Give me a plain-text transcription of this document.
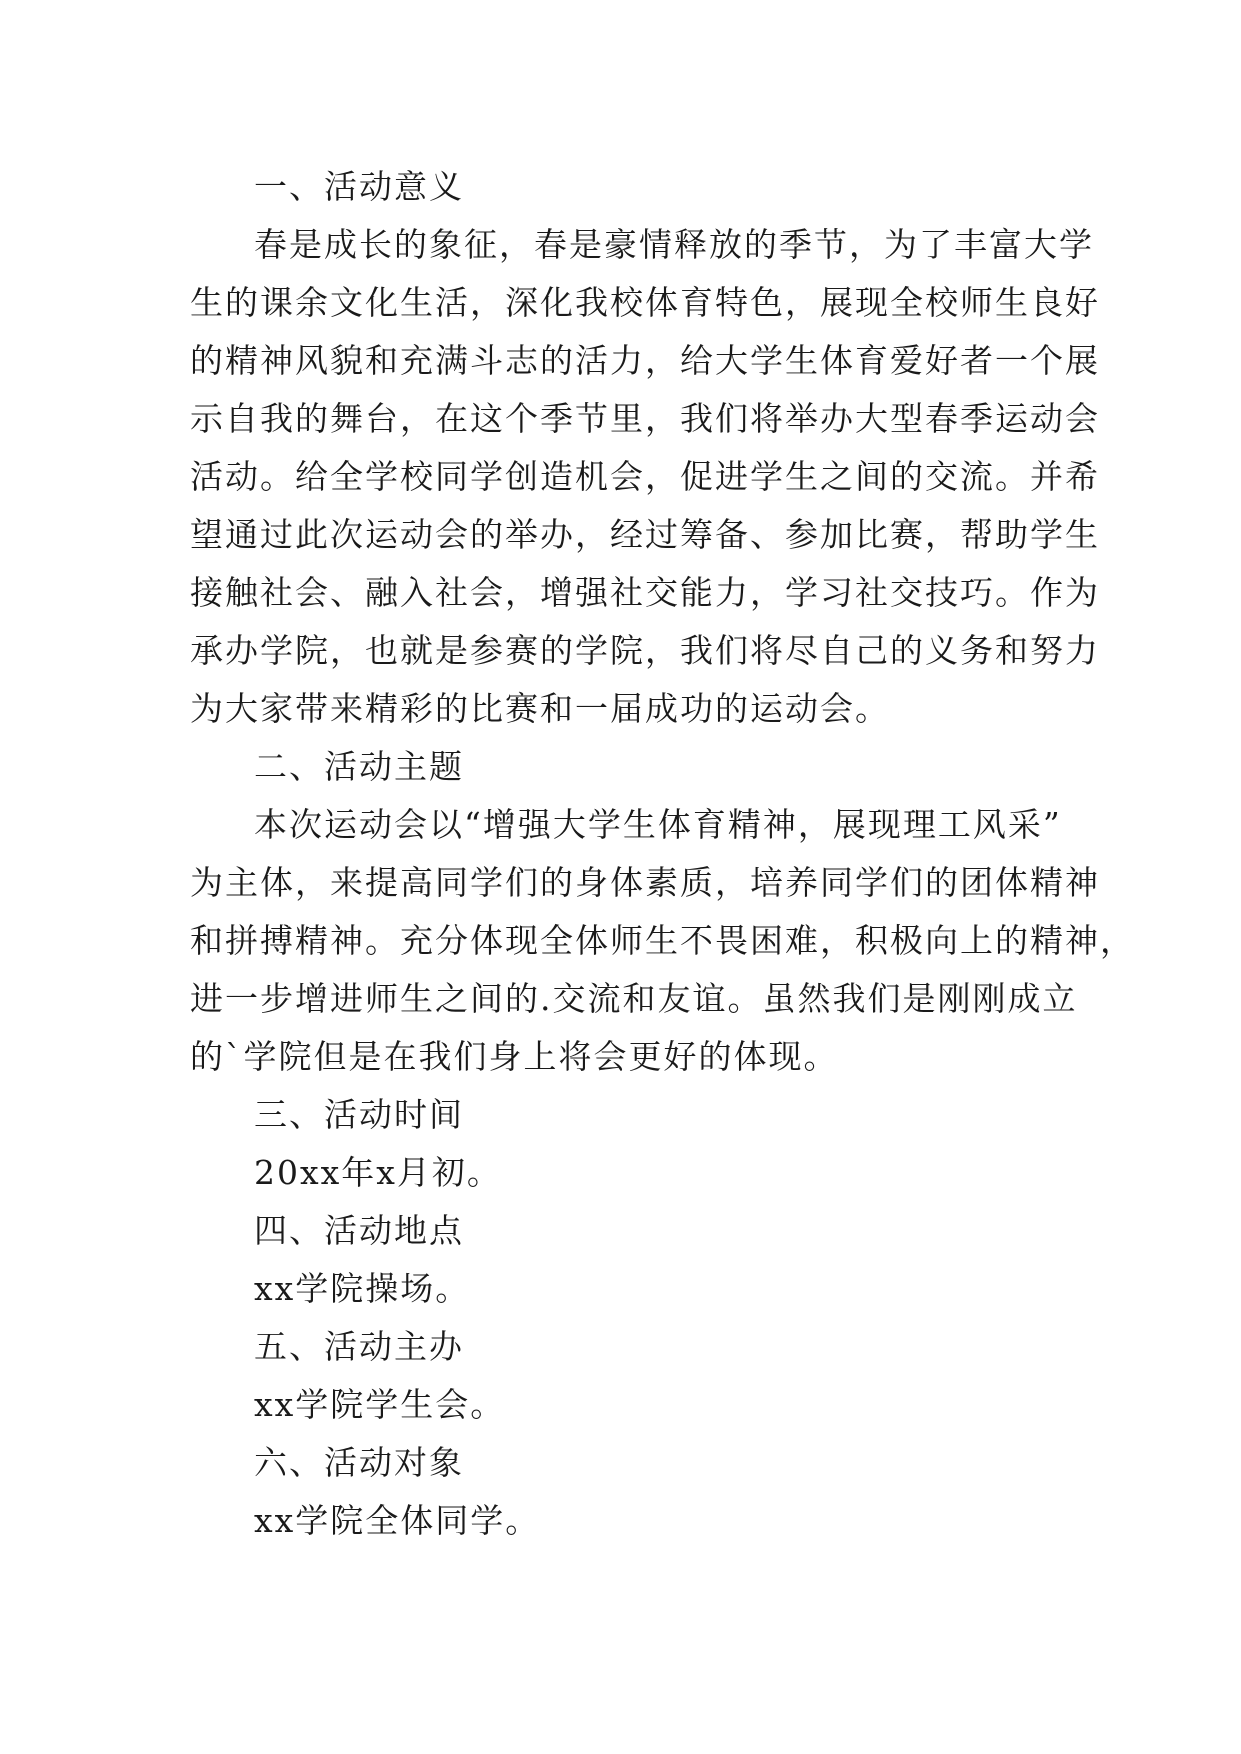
一、活动意义
春是成长的象征，春是豪情释放的季节，为了丰富大学
生的课余文化生活，深化我校体育特色，展现全校师生良好
的精神风貌和充满斗志的活力，给大学生体育爱好者一个展
示自我的舞台，在这个季节里，我们将举办大型春季运动会
活动。给全学校同学创造机会，促进学生之间的交流。并希
望通过此次运动会的举办，经过筹备、参加比赛，帮助学生
接触社会、融入社会，增强社交能力，学习社交技巧。作为
承办学院，也就是参赛的学院，我们将尽自己的义务和努力
为大家带来精彩的比赛和一届成功的运动会。
二、活动主题
本次运动会以“增强大学生体育精神，展现理工风采”
为主体，来提高同学们的身体素质，培养同学们的团体精神
和拼搏精神。充分体现全体师生不畏困难，积极向上的精神，
进一步增进师生之间的.交流和友谊。虽然我们是刚刚成立
的`学院但是在我们身上将会更好的体现。
三、活动时间
20xx年x月初。
四、活动地点
xx学院操场。
五、活动主办
xx学院学生会。
六、活动对象
xx学院全体同学。
